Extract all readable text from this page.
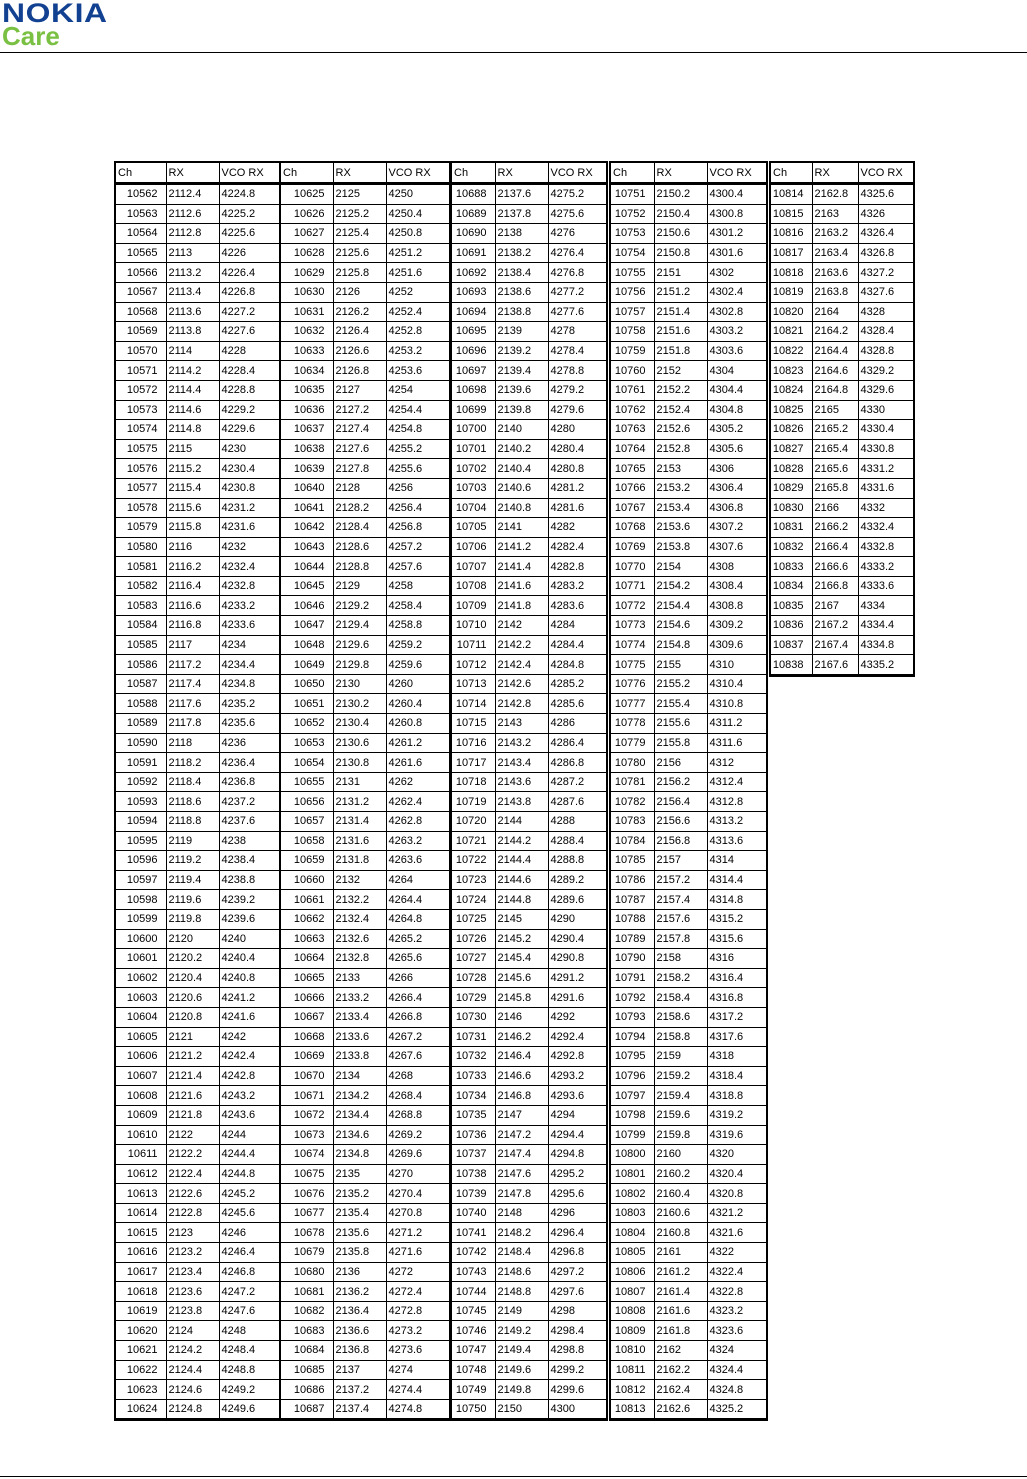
NOKIA
Care
Ch	RX	VCO RX
10562	2112.4	4224.8
10563	2112.6	4225.2
10564	2112.8	4225.6
10565	2113	4226
10566	2113.2	4226.4
10567	2113.4	4226.8
10568	2113.6	4227.2
10569	2113.8	4227.6
10570	2114	4228
10571	2114.2	4228.4
10572	2114.4	4228.8
10573	2114.6	4229.2
10574	2114.8	4229.6
10575	2115	4230
10576	2115.2	4230.4
10577	2115.4	4230.8
10578	2115.6	4231.2
10579	2115.8	4231.6
10580	2116	4232
10581	2116.2	4232.4
10582	2116.4	4232.8
10583	2116.6	4233.2
10584	2116.8	4233.6
10585	2117	4234
10586	2117.2	4234.4
10587	2117.4	4234.8
10588	2117.6	4235.2
10589	2117.8	4235.6
10590	2118	4236
10591	2118.2	4236.4
10592	2118.4	4236.8
10593	2118.6	4237.2
10594	2118.8	4237.6
10595	2119	4238
10596	2119.2	4238.4
10597	2119.4	4238.8
10598	2119.6	4239.2
10599	2119.8	4239.6
10600	2120	4240
10601	2120.2	4240.4
10602	2120.4	4240.8
10603	2120.6	4241.2
10604	2120.8	4241.6
10605	2121	4242
10606	2121.2	4242.4
10607	2121.4	4242.8
10608	2121.6	4243.2
10609	2121.8	4243.6
10610	2122	4244
10611	2122.2	4244.4
10612	2122.4	4244.8
10613	2122.6	4245.2
10614	2122.8	4245.6
10615	2123	4246
10616	2123.2	4246.4
10617	2123.4	4246.8
10618	2123.6	4247.2
10619	2123.8	4247.6
10620	2124	4248
10621	2124.2	4248.4
10622	2124.4	4248.8
10623	2124.6	4249.2
10624	2124.8	4249.6
Ch	RX	VCO RX
10625	2125	4250
10626	2125.2	4250.4
10627	2125.4	4250.8
10628	2125.6	4251.2
10629	2125.8	4251.6
10630	2126	4252
10631	2126.2	4252.4
10632	2126.4	4252.8
10633	2126.6	4253.2
10634	2126.8	4253.6
10635	2127	4254
10636	2127.2	4254.4
10637	2127.4	4254.8
10638	2127.6	4255.2
10639	2127.8	4255.6
10640	2128	4256
10641	2128.2	4256.4
10642	2128.4	4256.8
10643	2128.6	4257.2
10644	2128.8	4257.6
10645	2129	4258
10646	2129.2	4258.4
10647	2129.4	4258.8
10648	2129.6	4259.2
10649	2129.8	4259.6
10650	2130	4260
10651	2130.2	4260.4
10652	2130.4	4260.8
10653	2130.6	4261.2
10654	2130.8	4261.6
10655	2131	4262
10656	2131.2	4262.4
10657	2131.4	4262.8
10658	2131.6	4263.2
10659	2131.8	4263.6
10660	2132	4264
10661	2132.2	4264.4
10662	2132.4	4264.8
10663	2132.6	4265.2
10664	2132.8	4265.6
10665	2133	4266
10666	2133.2	4266.4
10667	2133.4	4266.8
10668	2133.6	4267.2
10669	2133.8	4267.6
10670	2134	4268
10671	2134.2	4268.4
10672	2134.4	4268.8
10673	2134.6	4269.2
10674	2134.8	4269.6
10675	2135	4270
10676	2135.2	4270.4
10677	2135.4	4270.8
10678	2135.6	4271.2
10679	2135.8	4271.6
10680	2136	4272
10681	2136.2	4272.4
10682	2136.4	4272.8
10683	2136.6	4273.2
10684	2136.8	4273.6
10685	2137	4274
10686	2137.2	4274.4
10687	2137.4	4274.8
Ch	RX	VCO RX
10688	2137.6	4275.2
10689	2137.8	4275.6
10690	2138	4276
10691	2138.2	4276.4
10692	2138.4	4276.8
10693	2138.6	4277.2
10694	2138.8	4277.6
10695	2139	4278
10696	2139.2	4278.4
10697	2139.4	4278.8
10698	2139.6	4279.2
10699	2139.8	4279.6
10700	2140	4280
10701	2140.2	4280.4
10702	2140.4	4280.8
10703	2140.6	4281.2
10704	2140.8	4281.6
10705	2141	4282
10706	2141.2	4282.4
10707	2141.4	4282.8
10708	2141.6	4283.2
10709	2141.8	4283.6
10710	2142	4284
10711	2142.2	4284.4
10712	2142.4	4284.8
10713	2142.6	4285.2
10714	2142.8	4285.6
10715	2143	4286
10716	2143.2	4286.4
10717	2143.4	4286.8
10718	2143.6	4287.2
10719	2143.8	4287.6
10720	2144	4288
10721	2144.2	4288.4
10722	2144.4	4288.8
10723	2144.6	4289.2
10724	2144.8	4289.6
10725	2145	4290
10726	2145.2	4290.4
10727	2145.4	4290.8
10728	2145.6	4291.2
10729	2145.8	4291.6
10730	2146	4292
10731	2146.2	4292.4
10732	2146.4	4292.8
10733	2146.6	4293.2
10734	2146.8	4293.6
10735	2147	4294
10736	2147.2	4294.4
10737	2147.4	4294.8
10738	2147.6	4295.2
10739	2147.8	4295.6
10740	2148	4296
10741	2148.2	4296.4
10742	2148.4	4296.8
10743	2148.6	4297.2
10744	2148.8	4297.6
10745	2149	4298
10746	2149.2	4298.4
10747	2149.4	4298.8
10748	2149.6	4299.2
10749	2149.8	4299.6
10750	2150	4300
Ch	RX	VCO RX
10751	2150.2	4300.4
10752	2150.4	4300.8
10753	2150.6	4301.2
10754	2150.8	4301.6
10755	2151	4302
10756	2151.2	4302.4
10757	2151.4	4302.8
10758	2151.6	4303.2
10759	2151.8	4303.6
10760	2152	4304
10761	2152.2	4304.4
10762	2152.4	4304.8
10763	2152.6	4305.2
10764	2152.8	4305.6
10765	2153	4306
10766	2153.2	4306.4
10767	2153.4	4306.8
10768	2153.6	4307.2
10769	2153.8	4307.6
10770	2154	4308
10771	2154.2	4308.4
10772	2154.4	4308.8
10773	2154.6	4309.2
10774	2154.8	4309.6
10775	2155	4310
10776	2155.2	4310.4
10777	2155.4	4310.8
10778	2155.6	4311.2
10779	2155.8	4311.6
10780	2156	4312
10781	2156.2	4312.4
10782	2156.4	4312.8
10783	2156.6	4313.2
10784	2156.8	4313.6
10785	2157	4314
10786	2157.2	4314.4
10787	2157.4	4314.8
10788	2157.6	4315.2
10789	2157.8	4315.6
10790	2158	4316
10791	2158.2	4316.4
10792	2158.4	4316.8
10793	2158.6	4317.2
10794	2158.8	4317.6
10795	2159	4318
10796	2159.2	4318.4
10797	2159.4	4318.8
10798	2159.6	4319.2
10799	2159.8	4319.6
10800	2160	4320
10801	2160.2	4320.4
10802	2160.4	4320.8
10803	2160.6	4321.2
10804	2160.8	4321.6
10805	2161	4322
10806	2161.2	4322.4
10807	2161.4	4322.8
10808	2161.6	4323.2
10809	2161.8	4323.6
10810	2162	4324
10811	2162.2	4324.4
10812	2162.4	4324.8
10813	2162.6	4325.2
Ch	RX	VCO RX
10814	2162.8	4325.6
10815	2163	4326
10816	2163.2	4326.4
10817	2163.4	4326.8
10818	2163.6	4327.2
10819	2163.8	4327.6
10820	2164	4328
10821	2164.2	4328.4
10822	2164.4	4328.8
10823	2164.6	4329.2
10824	2164.8	4329.6
10825	2165	4330
10826	2165.2	4330.4
10827	2165.4	4330.8
10828	2165.6	4331.2
10829	2165.8	4331.6
10830	2166	4332
10831	2166.2	4332.4
10832	2166.4	4332.8
10833	2166.6	4333.2
10834	2166.8	4333.6
10835	2167	4334
10836	2167.2	4334.4
10837	2167.4	4334.8
10838	2167.6	4335.2
